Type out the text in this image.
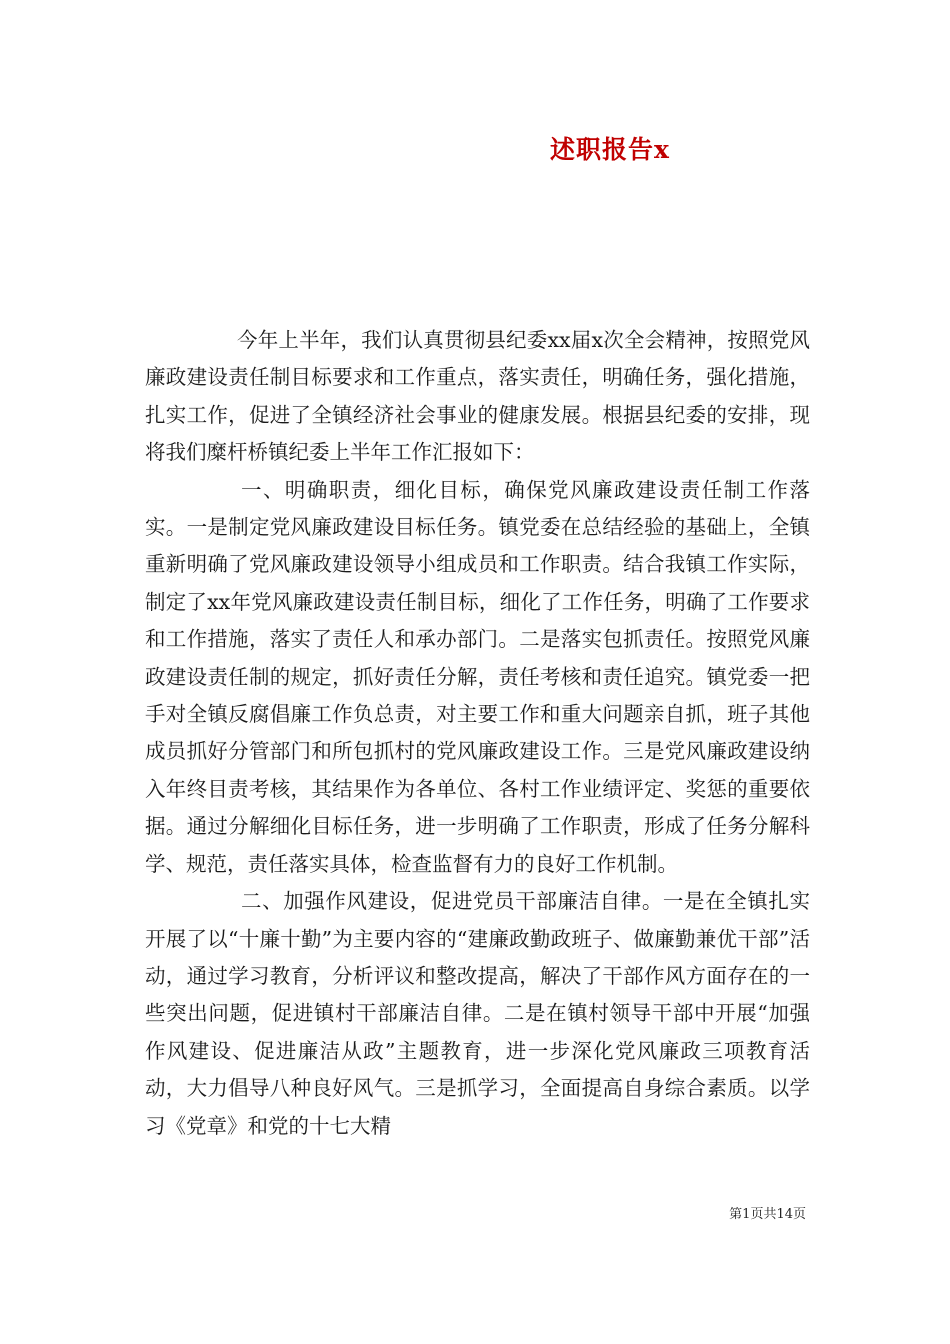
述职报告x

今年上半年，我们认真贯彻县纪委xx届x次全会精神，按照党风廉政建设责任制目标要求和工作重点，落实责任，明确任务，强化措施，扎实工作，促进了全镇经济社会事业的健康发展。根据县纪委的安排，现将我们糜杆桥镇纪委上半年工作汇报如下：

一、明确职责，细化目标，确保党风廉政建设责任制工作落实。一是制定党风廉政建设目标任务。镇党委在总结经验的基础上，全镇重新明确了党风廉政建设领导小组成员和工作职责。结合我镇工作实际，制定了xx年党风廉政建设责任制目标，细化了工作任务，明确了工作要求和工作措施，落实了责任人和承办部门。二是落实包抓责任。按照党风廉政建设责任制的规定，抓好责任分解，责任考核和责任追究。镇党委一把手对全镇反腐倡廉工作负总责，对主要工作和重大问题亲自抓，班子其他成员抓好分管部门和所包抓村的党风廉政建设工作。三是党风廉政建设纳入年终目责考核，其结果作为各单位、各村工作业绩评定、奖惩的重要依据。通过分解细化目标任务，进一步明确了工作职责，形成了任务分解科学、规范，责任落实具体，检查监督有力的良好工作机制。

二、加强作风建设，促进党员干部廉洁自律。一是在全镇扎实开展了以“十廉十勤”为主要内容的“建廉政勤政班子、做廉勤兼优干部”活动，通过学习教育，分析评议和整改提高，解决了干部作风方面存在的一些突出问题，促进镇村干部廉洁自律。二是在镇村领导干部中开展“加强作风建设、促进廉洁从政”主题教育，进一步深化党风廉政三项教育活动，大力倡导八种良好风气。三是抓学习，全面提高自身综合素质。以学习《党章》和党的十七大精

第1页共14页
